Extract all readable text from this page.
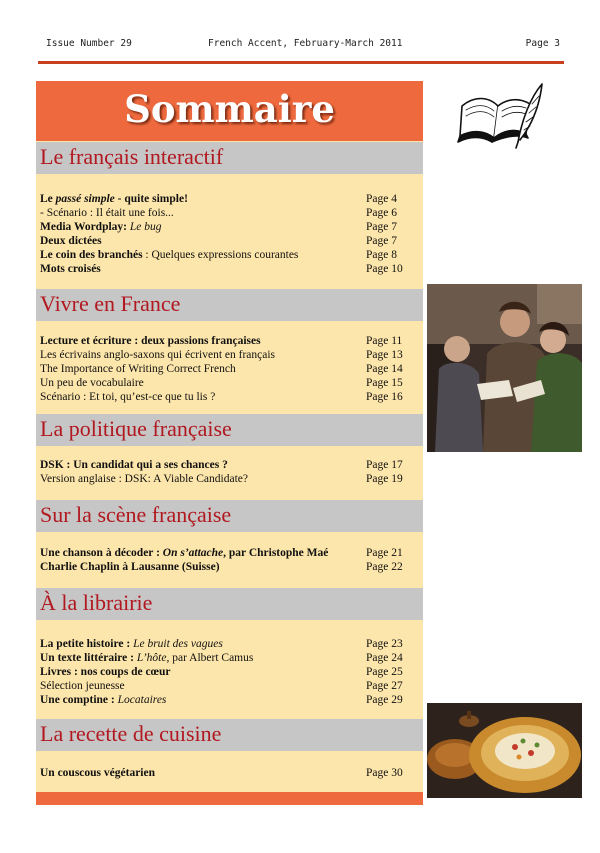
Issue Number 29	French Accent, February-March 2011	Page 3
Sommaire
Le français interactif
Le passé simple - quite simple!	Page 4
- Scénario : Il était une fois...	Page 6
Media Wordplay: Le bug	Page 7
Deux dictées	Page 7
Le coin des branchés : Quelques expressions courantes	Page 8
Mots croisés	Page 10
Vivre en France
Lecture et écriture : deux passions françaises	Page 11
Les écrivains anglo-saxons qui écrivent en français	Page 13
The Importance of Writing Correct French	Page 14
Un peu de vocabulaire	Page 15
Scénario : Et toi, qu’est-ce que tu lis ?	Page 16
La politique française
DSK : Un candidat qui a ses chances ?	Page 17
Version anglaise : DSK: A Viable Candidate?	Page 19
Sur la scène française
Une chanson à décoder : On s’attache, par Christophe Maé	Page 21
Charlie Chaplin à Lausanne (Suisse)	Page 22
À la librairie
La petite histoire : Le bruit des vagues	Page 23
Un texte littéraire : L’hôte, par Albert Camus	Page 24
Livres : nos coups de cœur	Page 25
Sélection jeunesse	Page 27
Une comptine : Locataires	Page 29
La recette de cuisine
Un couscous végétarien	Page 30
